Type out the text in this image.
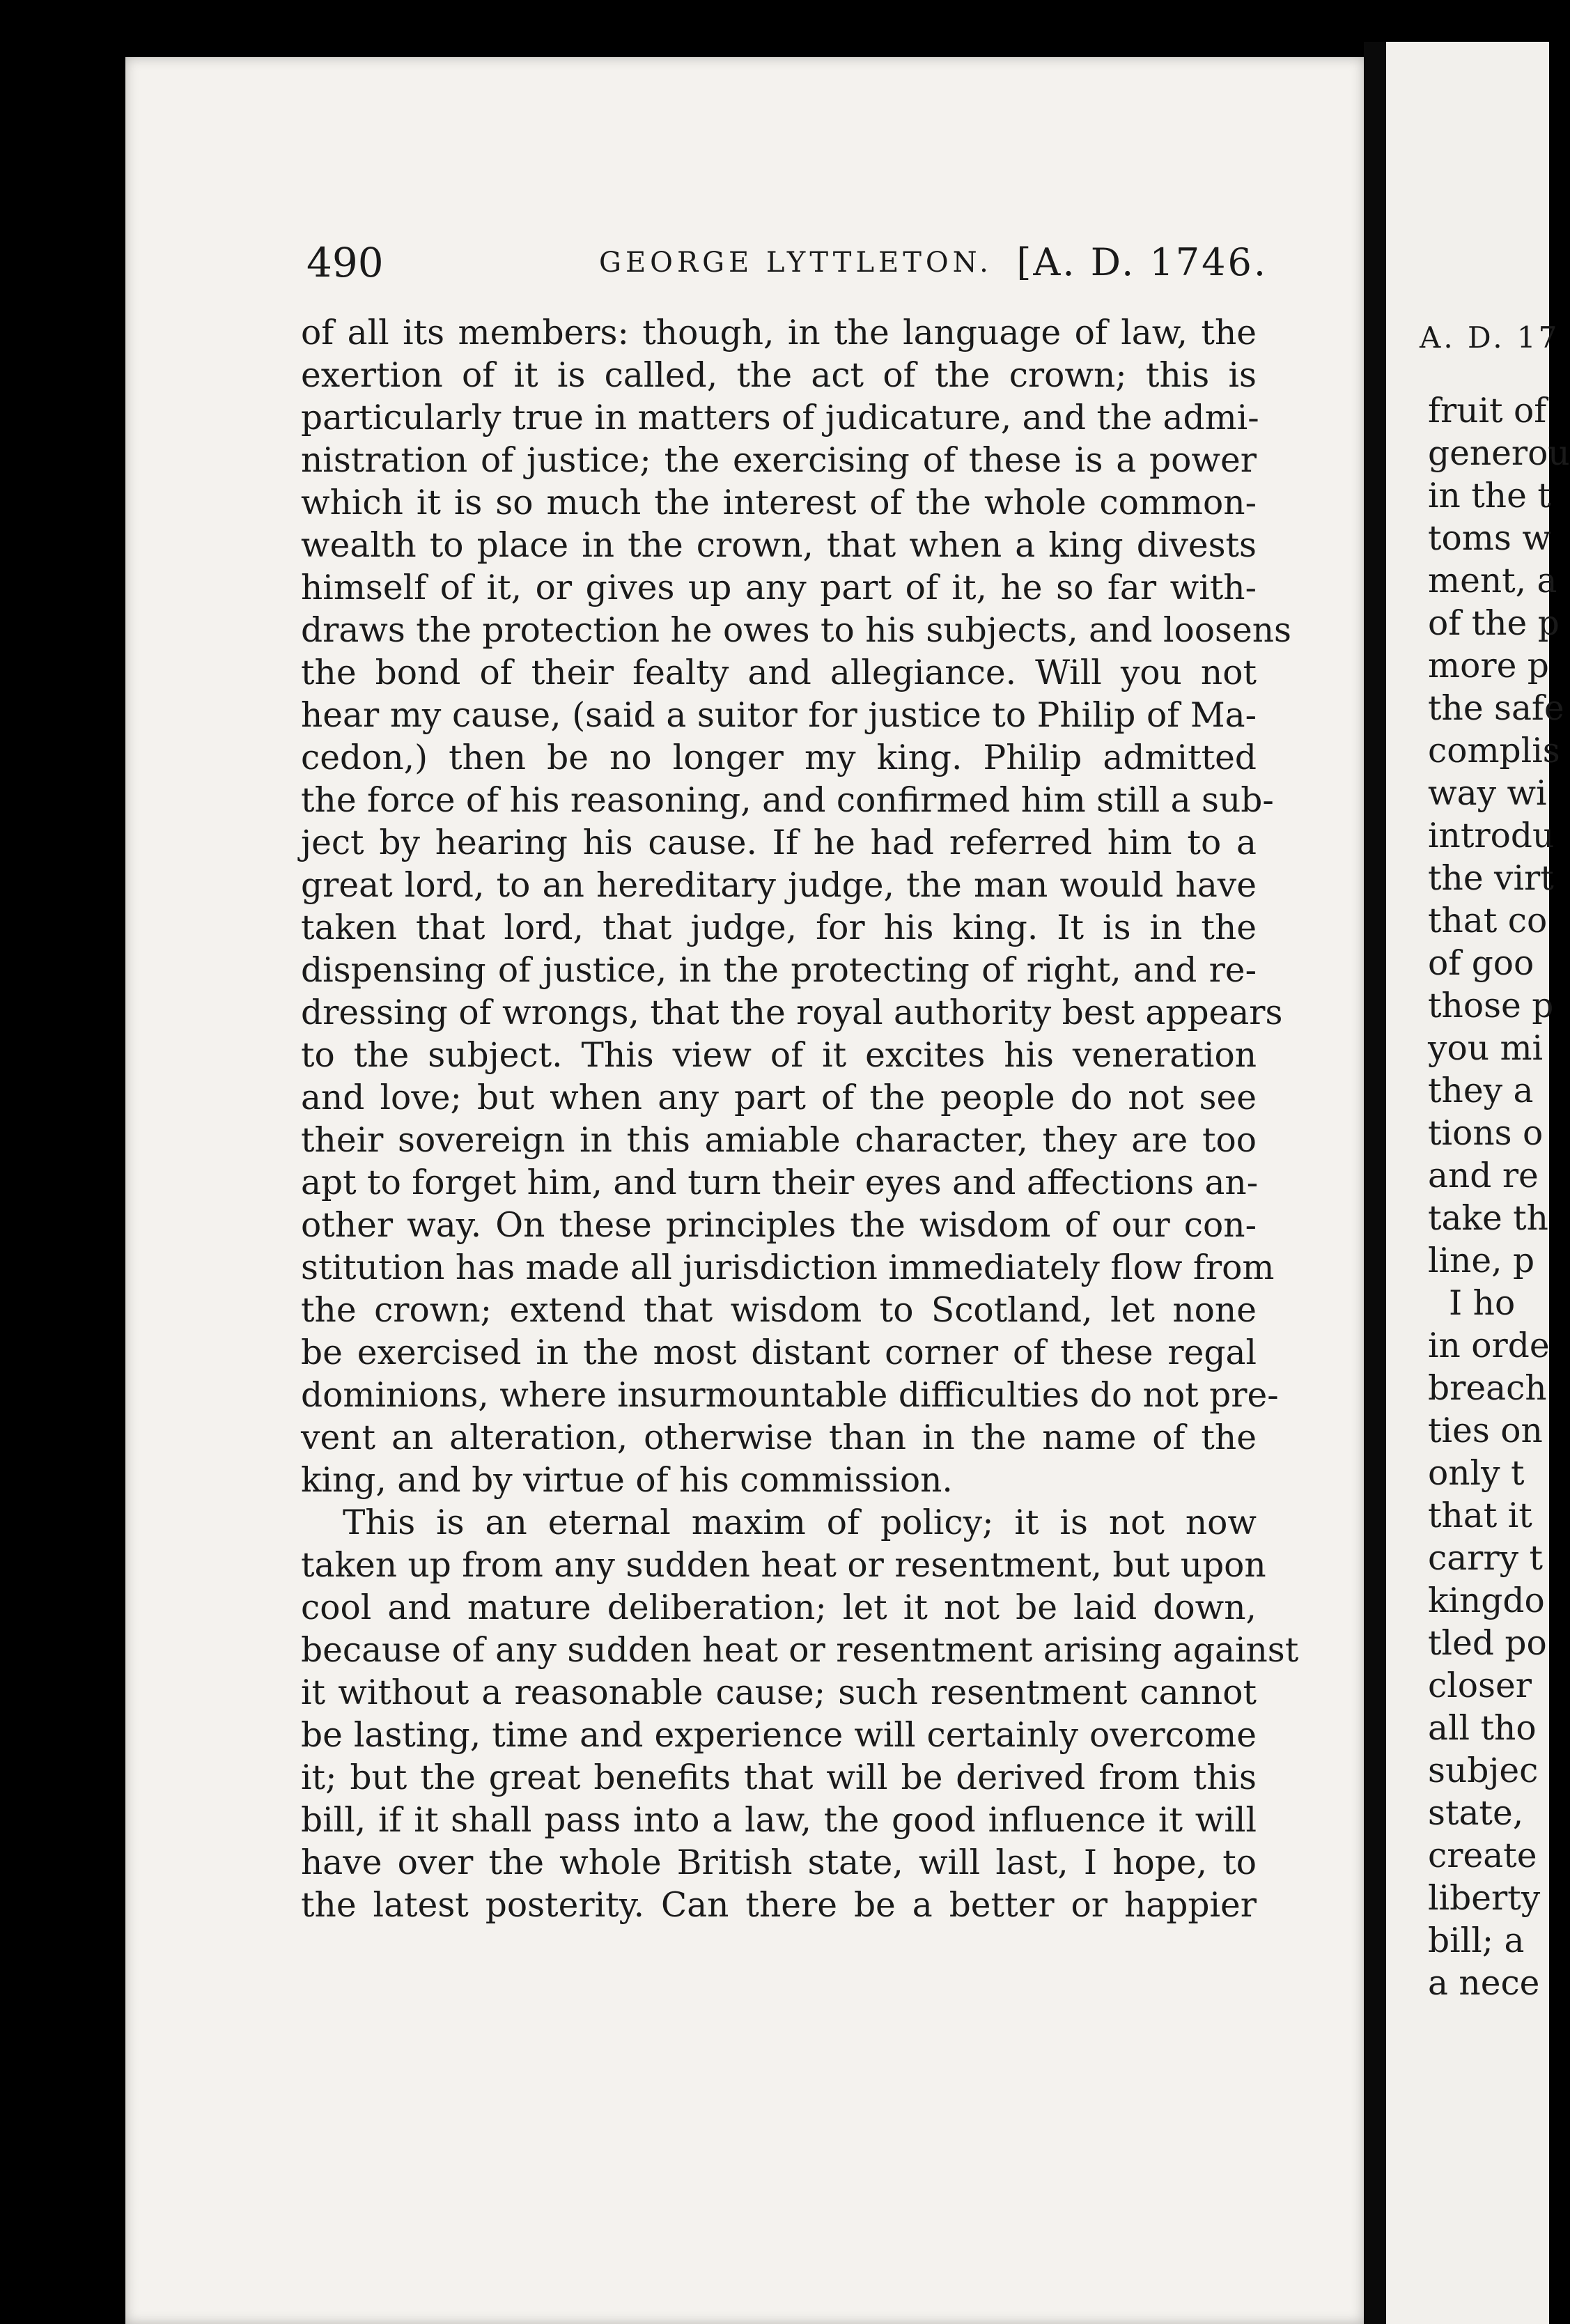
A. D. 17
fruit of
generou
in the t
toms w
ment, a
of the p
more p
the safe
complis
way wi
introdu
the virt
that co
of goo
those p
you mi
they a
tions o
and re
take th
line, p
I ho
in orde
breach
ties on
only t
that it
carry t
kingdo
tled po
closer
all tho
subjec
state,
create
liberty
bill; a
a nece
490	GEORGE LYTTLETON. [A. D. 1746.
of all its members: though, in the language of law, the
exertion of it is called, the act of the crown; this is
particularly true in matters of judicature, and the admi-
nistration of justice; the exercising of these is a power
which it is so much the interest of the whole common-
wealth to place in the crown, that when a king divests
himself of it, or gives up any part of it, he so far with-
draws the protection he owes to his subjects, and loosens
the bond of their fealty and allegiance. Will you not
hear my cause, (said a suitor for justice to Philip of Ma-
cedon,) then be no longer my king. Philip admitted
the force of his reasoning, and confirmed him still a sub-
ject by hearing his cause. If he had referred him to a
great lord, to an hereditary judge, the man would have
taken that lord, that judge, for his king. It is in the
dispensing of justice, in the protecting of right, and re-
dressing of wrongs, that the royal authority best appears
to the subject. This view of it excites his veneration
and love; but when any part of the people do not see
their sovereign in this amiable character, they are too
apt to forget him, and turn their eyes and affections an-
other way. On these principles the wisdom of our con-
stitution has made all jurisdiction immediately flow from
the crown; extend that wisdom to Scotland, let none
be exercised in the most distant corner of these regal
dominions, where insurmountable difficulties do not pre-
vent an alteration, otherwise than in the name of the
king, and by virtue of his commission.
This is an eternal maxim of policy; it is not now
taken up from any sudden heat or resentment, but upon
cool and mature deliberation; let it not be laid down,
because of any sudden heat or resentment arising against
it without a reasonable cause; such resentment cannot
be lasting, time and experience will certainly overcome
it; but the great benefits that will be derived from this
bill, if it shall pass into a law, the good influence it will
have over the whole British state, will last, I hope, to
the latest posterity. Can there be a better or happier
